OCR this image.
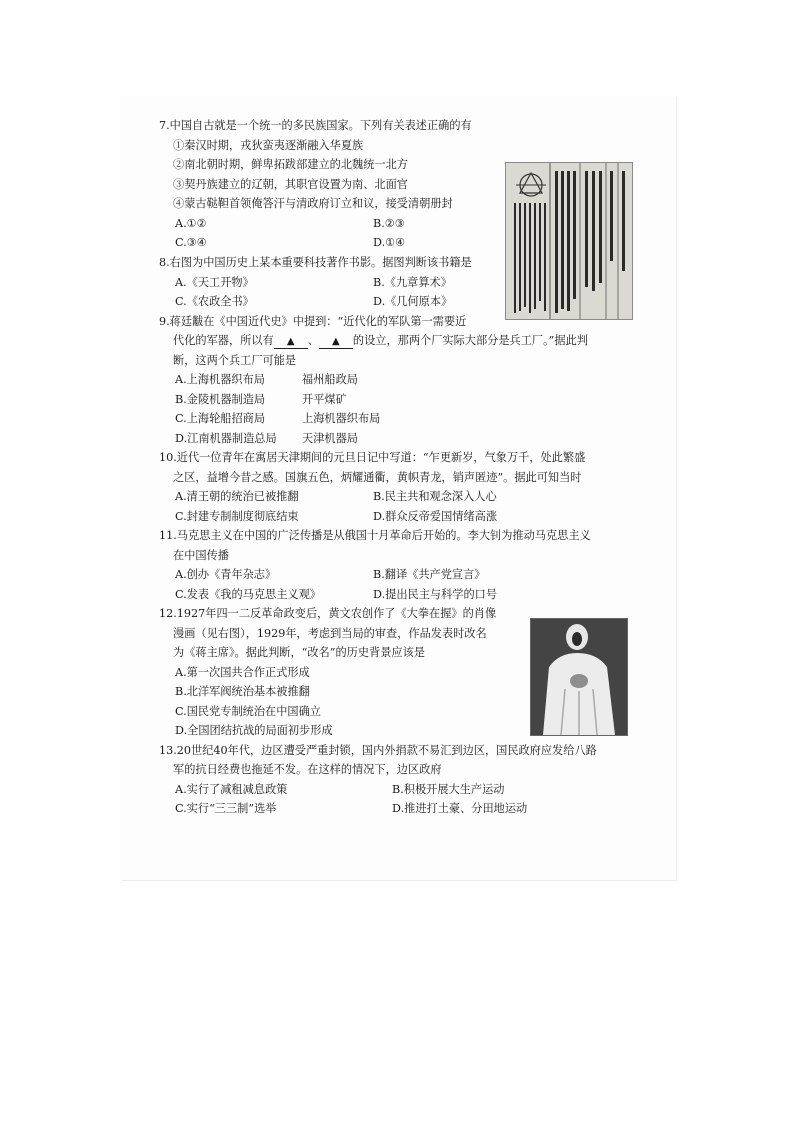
7.中国自古就是一个统一的多民族国家。下列有关表述正确的有
①秦汉时期，戎狄蛮夷逐渐融入华夏族
②南北朝时期，鲜卑拓跋部建立的北魏统一北方
③契丹族建立的辽朝，其职官设置为南、北面官
④蒙古鞑靼首领俺答汗与清政府订立和议，接受清朝册封
A.①②	B.②③
C.③④	D.①④
8.右图为中国历史上某本重要科技著作书影。据图判断该书籍是
A.《天工开物》	B.《九章算术》
C.《农政全书》	D.《几何原本》
9.蒋廷黻在《中国近代史》中提到：“近代化的军队第一需要近
代化的军器，所以有 ▲ 、 ▲ 的设立，那两个厂实际大部分是兵工厂。”据此判
断，这两个兵工厂可能是
A.上海机器织布局	福州船政局
B.金陵机器制造局	开平煤矿
C.上海轮船招商局	上海机器织布局
D.江南机器制造总局 天津机器局
10.近代一位青年在寓居天津期间的元旦日记中写道：“乍更新岁，气象万千，处此繁盛
之区，益增今昔之感。国旗五色，炳耀通衢，黄帜青龙，销声匿迹”。据此可知当时
A.清王朝的统治已被推翻	B.民主共和观念深入人心
C.封建专制制度彻底结束	D.群众反帝爱国情绪高涨
11.马克思主义在中国的广泛传播是从俄国十月革命后开始的。李大钊为推动马克思主义
在中国传播
A.创办《青年杂志》	B.翻译《共产党宣言》
C.发表《我的马克思主义观》	D.提出民主与科学的口号
12.1927年四一二反革命政变后，黄文农创作了《大拳在握》的肖像
漫画（见右图），1929年，考虑到当局的审查，作品发表时改名
为《蒋主席》。据此判断，“改名”的历史背景应该是
A.第一次国共合作正式形成
B.北洋军阀统治基本被推翻
C.国民党专制统治在中国确立
D.全国团结抗战的局面初步形成
13.20世纪40年代，边区遭受严重封锁，国内外捐款不易汇到边区，国民政府应发给八路
军的抗日经费也拖延不发。在这样的情况下，边区政府
A.实行了减租减息政策	B.积极开展大生产运动
C.实行“三三制”选举	D.推进打土豪、分田地运动
